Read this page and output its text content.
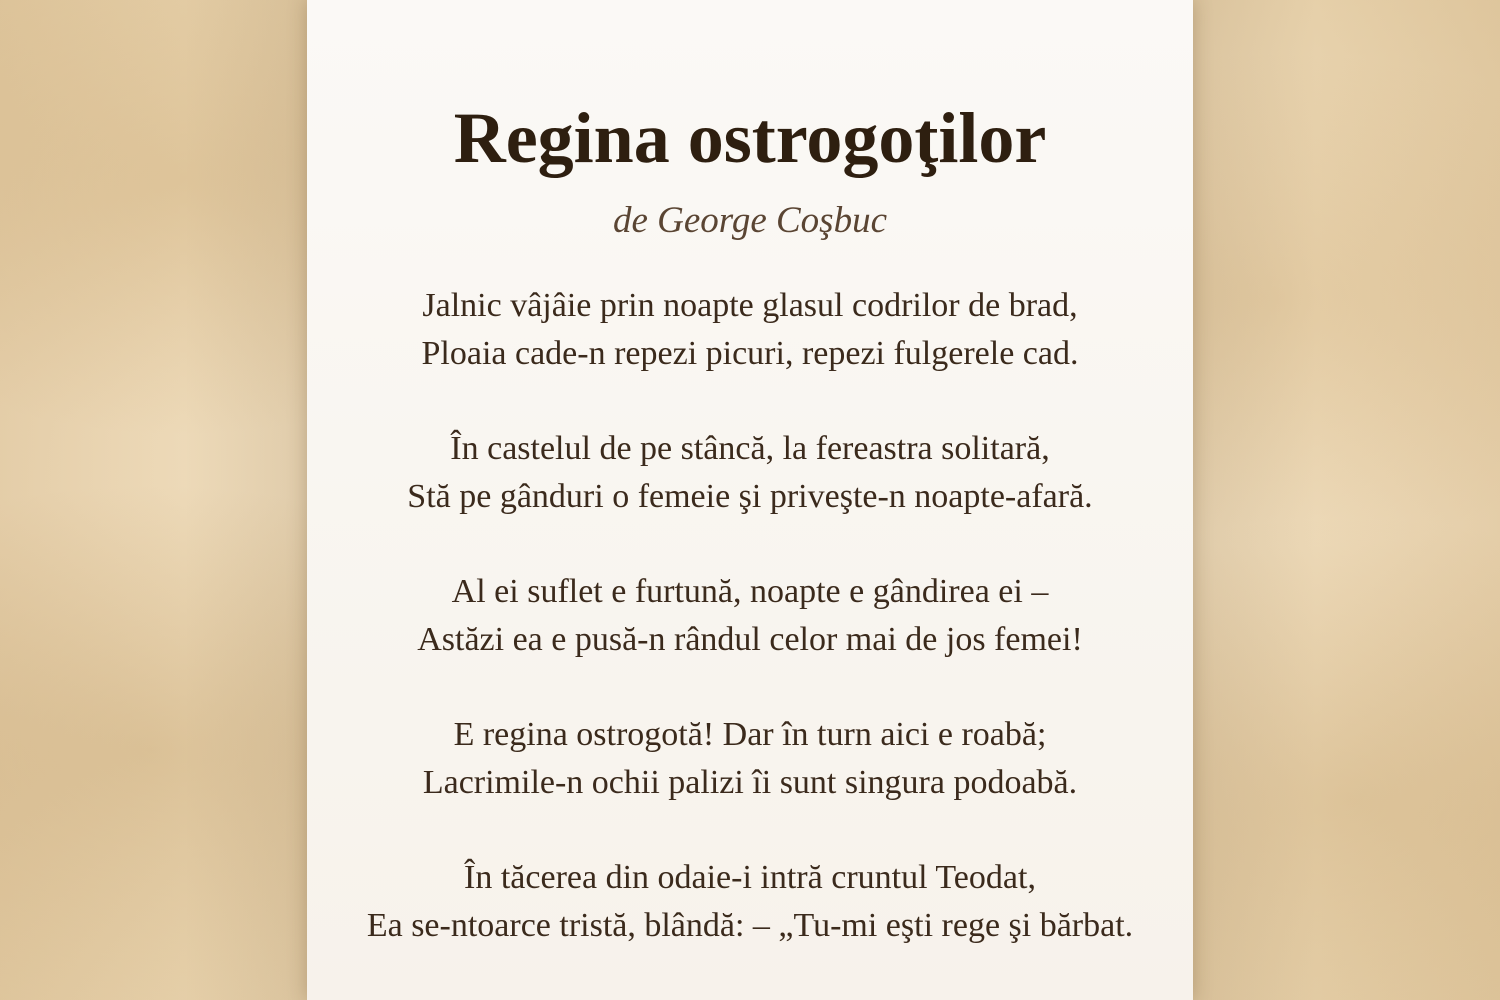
Regina ostrogoţilor
de George Coşbuc
Jalnic vâjâie prin noapte glasul codrilor de brad,
Ploaia cade-n repezi picuri, repezi fulgerele cad.
În castelul de pe stâncă, la fereastra solitară,
Stă pe gânduri o femeie şi priveşte-n noapte-afară.
Al ei suflet e furtună, noapte e gândirea ei –
Astăzi ea e pusă-n rândul celor mai de jos femei!
E regina ostrogotă! Dar în turn aici e roabă;
Lacrimile-n ochii palizi îi sunt singura podoabă.
În tăcerea din odaie-i intră cruntul Teodat,
Ea se-ntoarce tristă, blândă: – „Tu-mi eşti rege şi bărbat.
